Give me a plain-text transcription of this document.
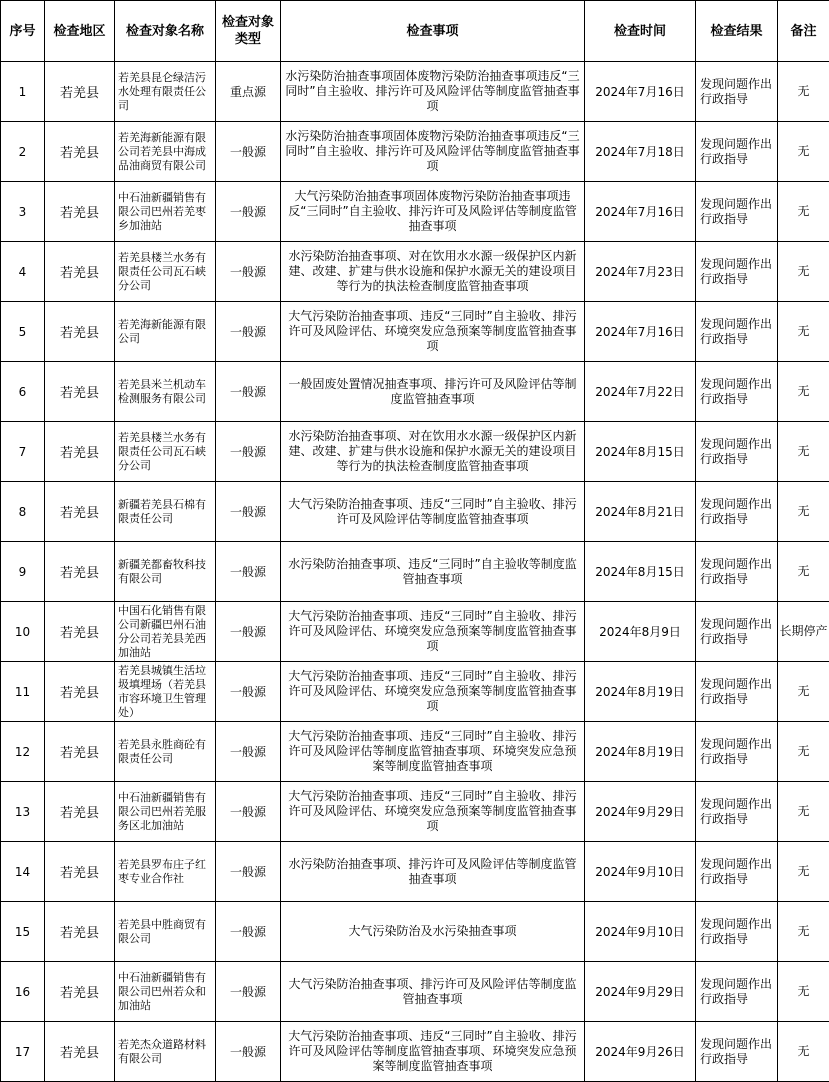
序号	检查地区	检查对象名称	检查对象类型	检查事项	检查时间	检查结果	备注
1	若羌县	若羌县昆仑绿洁污水处理有限责任公司	重点源	水污染防治抽查事项固体废物污染防治抽查事项违反“三同时”自主验收、排污许可及风险评估等制度监管抽查事项	2024年7月16日	发现问题作出行政指导	无
2	若羌县	若羌海新能源有限公司若羌县中海成品油商贸有限公司	一般源	水污染防治抽查事项固体废物污染防治抽查事项违反“三同时”自主验收、排污许可及风险评估等制度监管抽查事项	2024年7月18日	发现问题作出行政指导	无
3	若羌县	中石油新疆销售有限公司巴州若羌枣乡加油站	一般源	大气污染防治抽查事项固体废物污染防治抽查事项违反“三同时”自主验收、排污许可及风险评估等制度监管抽查事项	2024年7月16日	发现问题作出行政指导	无
4	若羌县	若羌县楼兰水务有限责任公司瓦石峡分公司	一般源	水污染防治抽查事项、对在饮用水水源一级保护区内新建、改建、扩建与供水设施和保护水源无关的建设项目等行为的执法检查制度监管抽查事项	2024年7月23日	发现问题作出行政指导	无
5	若羌县	若羌海新能源有限公司	一般源	大气污染防治抽查事项、违反“三同时”自主验收、排污许可及风险评估、环境突发应急预案等制度监管抽查事项	2024年7月16日	发现问题作出行政指导	无
6	若羌县	若羌县米兰机动车检测服务有限公司	一般源	一般固废处置情况抽查事项、排污许可及风险评估等制度监管抽查事项	2024年7月22日	发现问题作出行政指导	无
7	若羌县	若羌县楼兰水务有限责任公司瓦石峡分公司	一般源	水污染防治抽查事项、对在饮用水水源一级保护区内新建、改建、扩建与供水设施和保护水源无关的建设项目等行为的执法检查制度监管抽查事项	2024年8月15日	发现问题作出行政指导	无
8	若羌县	新疆若羌县石棉有限责任公司	一般源	大气污染防治抽查事项、违反“三同时”自主验收、排污许可及风险评估等制度监管抽查事项	2024年8月21日	发现问题作出行政指导	无
9	若羌县	新疆羌都畜牧科技有限公司	一般源	水污染防治抽查事项、违反“三同时”自主验收等制度监管抽查事项	2024年8月15日	发现问题作出行政指导	无
10	若羌县	中国石化销售有限公司新疆巴州石油分公司若羌县羌西加油站	一般源	大气污染防治抽查事项、违反“三同时”自主验收、排污许可及风险评估、环境突发应急预案等制度监管抽查事项	2024年8月9日	发现问题作出行政指导	长期停产
11	若羌县	若羌县城镇生活垃圾填埋场（若羌县市容环境卫生管理处）	一般源	大气污染防治抽查事项、违反“三同时”自主验收、排污许可及风险评估、环境突发应急预案等制度监管抽查事项	2024年8月19日	发现问题作出行政指导	无
12	若羌县	若羌县永胜商砼有限责任公司	一般源	大气污染防治抽查事项、违反“三同时”自主验收、排污许可及风险评估等制度监管抽查事项、环境突发应急预案等制度监管抽查事项	2024年8月19日	发现问题作出行政指导	无
13	若羌县	中石油新疆销售有限公司巴州若羌服务区北加油站	一般源	大气污染防治抽查事项、违反“三同时”自主验收、排污许可及风险评估、环境突发应急预案等制度监管抽查事项	2024年9月29日	发现问题作出行政指导	无
14	若羌县	若羌县罗布庄子红枣专业合作社	一般源	水污染防治抽查事项、排污许可及风险评估等制度监管抽查事项	2024年9月10日	发现问题作出行政指导	无
15	若羌县	若羌县中胜商贸有限公司	一般源	大气污染防治及水污染抽查事项	2024年9月10日	发现问题作出行政指导	无
16	若羌县	中石油新疆销售有限公司巴州若众和加油站	一般源	大气污染防治抽查事项、排污许可及风险评估等制度监管抽查事项	2024年9月29日	发现问题作出行政指导	无
17	若羌县	若羌杰众道路材料有限公司	一般源	大气污染防治抽查事项、违反“三同时”自主验收、排污许可及风险评估等制度监管抽查事项、环境突发应急预案等制度监管抽查事项	2024年9月26日	发现问题作出行政指导	无
